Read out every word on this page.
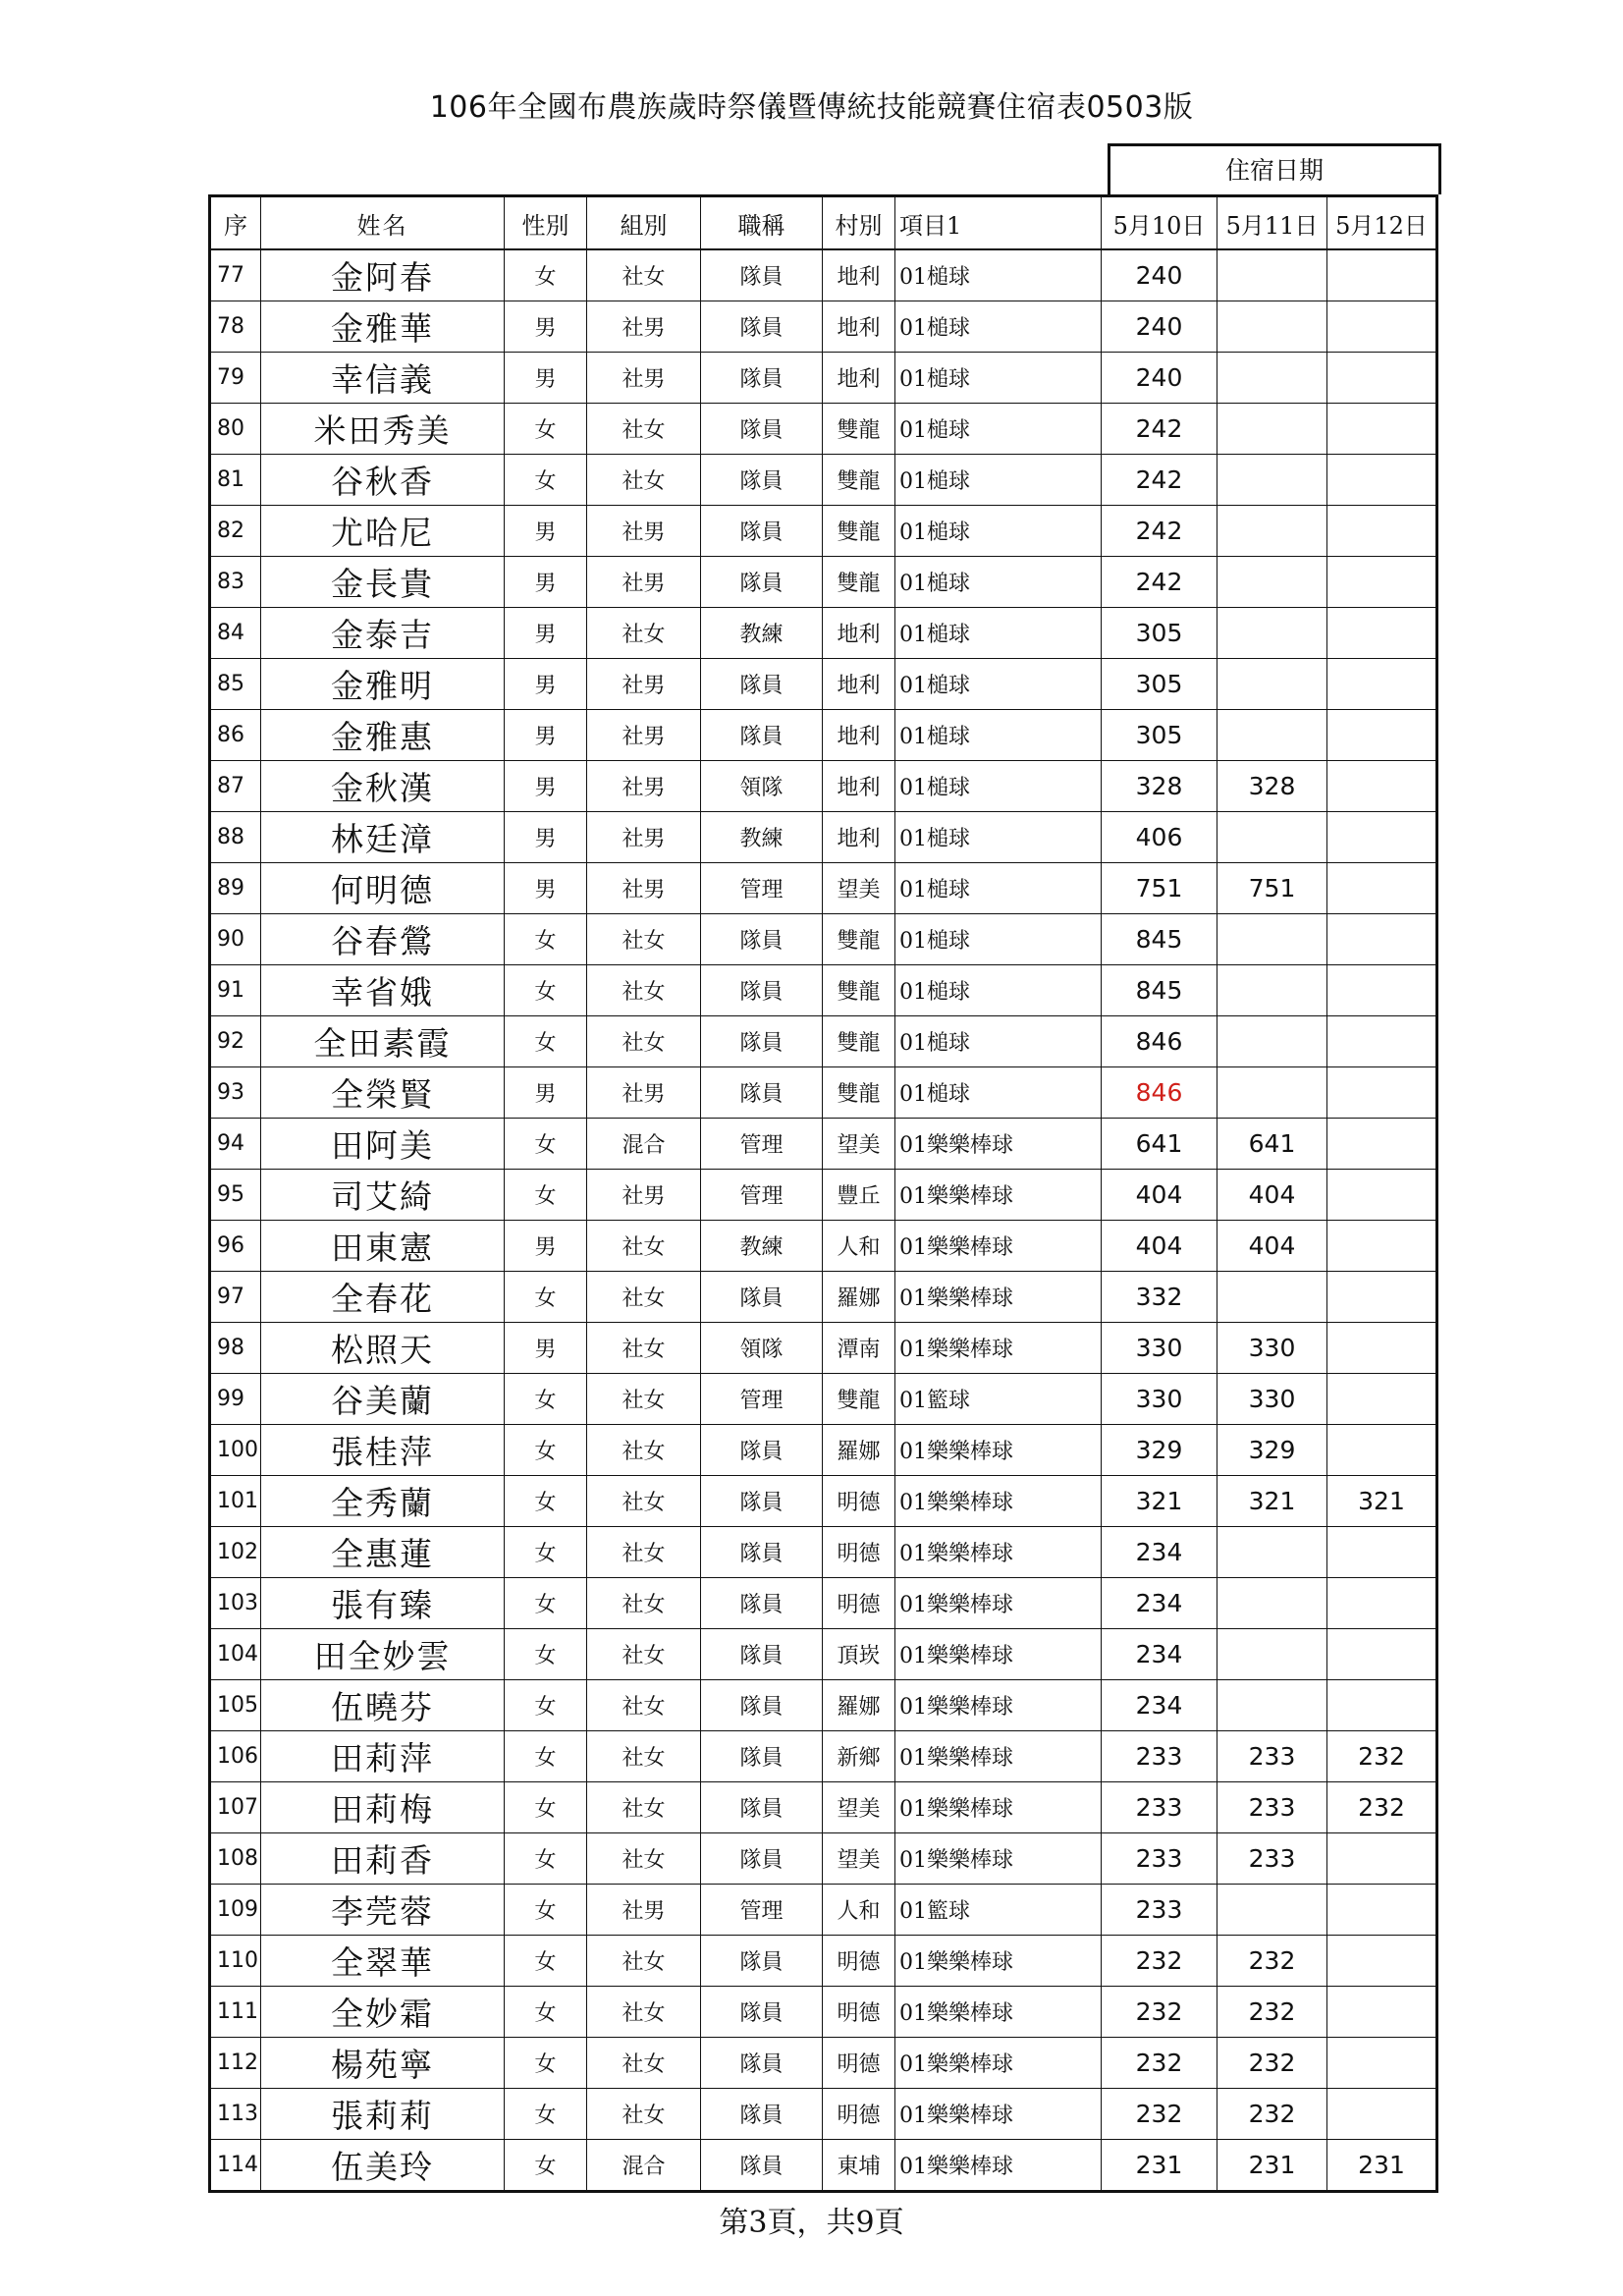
106年全國布農族歲時祭儀暨傳統技能競賽住宿表0503版
住宿日期
序	姓名	性別	組別	職稱	村別	項目1	5月10日	5月11日	5月12日
77	金阿春	女	社女	隊員	地利	01槌球	240		
78	金雅華	男	社男	隊員	地利	01槌球	240		
79	幸信義	男	社男	隊員	地利	01槌球	240		
80	米田秀美	女	社女	隊員	雙龍	01槌球	242		
81	谷秋香	女	社女	隊員	雙龍	01槌球	242		
82	尤哈尼	男	社男	隊員	雙龍	01槌球	242		
83	金長貴	男	社男	隊員	雙龍	01槌球	242		
84	金泰吉	男	社女	教練	地利	01槌球	305		
85	金雅明	男	社男	隊員	地利	01槌球	305		
86	金雅惠	男	社男	隊員	地利	01槌球	305		
87	金秋漢	男	社男	領隊	地利	01槌球	328	328	
88	林廷漳	男	社男	教練	地利	01槌球	406		
89	何明德	男	社男	管理	望美	01槌球	751	751	
90	谷春鶯	女	社女	隊員	雙龍	01槌球	845		
91	幸省娥	女	社女	隊員	雙龍	01槌球	845		
92	全田素霞	女	社女	隊員	雙龍	01槌球	846		
93	全榮賢	男	社男	隊員	雙龍	01槌球	846		
94	田阿美	女	混合	管理	望美	01樂樂棒球	641	641	
95	司艾綺	女	社男	管理	豐丘	01樂樂棒球	404	404	
96	田東憲	男	社女	教練	人和	01樂樂棒球	404	404	
97	全春花	女	社女	隊員	羅娜	01樂樂棒球	332		
98	松照天	男	社女	領隊	潭南	01樂樂棒球	330	330	
99	谷美蘭	女	社女	管理	雙龍	01籃球	330	330	
100	張桂萍	女	社女	隊員	羅娜	01樂樂棒球	329	329	
101	全秀蘭	女	社女	隊員	明德	01樂樂棒球	321	321	321
102	全惠蓮	女	社女	隊員	明德	01樂樂棒球	234		
103	張有臻	女	社女	隊員	明德	01樂樂棒球	234		
104	田全妙雲	女	社女	隊員	頂崁	01樂樂棒球	234		
105	伍曉芬	女	社女	隊員	羅娜	01樂樂棒球	234		
106	田莉萍	女	社女	隊員	新鄉	01樂樂棒球	233	233	232
107	田莉梅	女	社女	隊員	望美	01樂樂棒球	233	233	232
108	田莉香	女	社女	隊員	望美	01樂樂棒球	233	233	
109	李莞蓉	女	社男	管理	人和	01籃球	233		
110	全翠華	女	社女	隊員	明德	01樂樂棒球	232	232	
111	全妙霜	女	社女	隊員	明德	01樂樂棒球	232	232	
112	楊苑寧	女	社女	隊員	明德	01樂樂棒球	232	232	
113	張莉莉	女	社女	隊員	明德	01樂樂棒球	232	232	
114	伍美玲	女	混合	隊員	東埔	01樂樂棒球	231	231	231
第3頁，共9頁
